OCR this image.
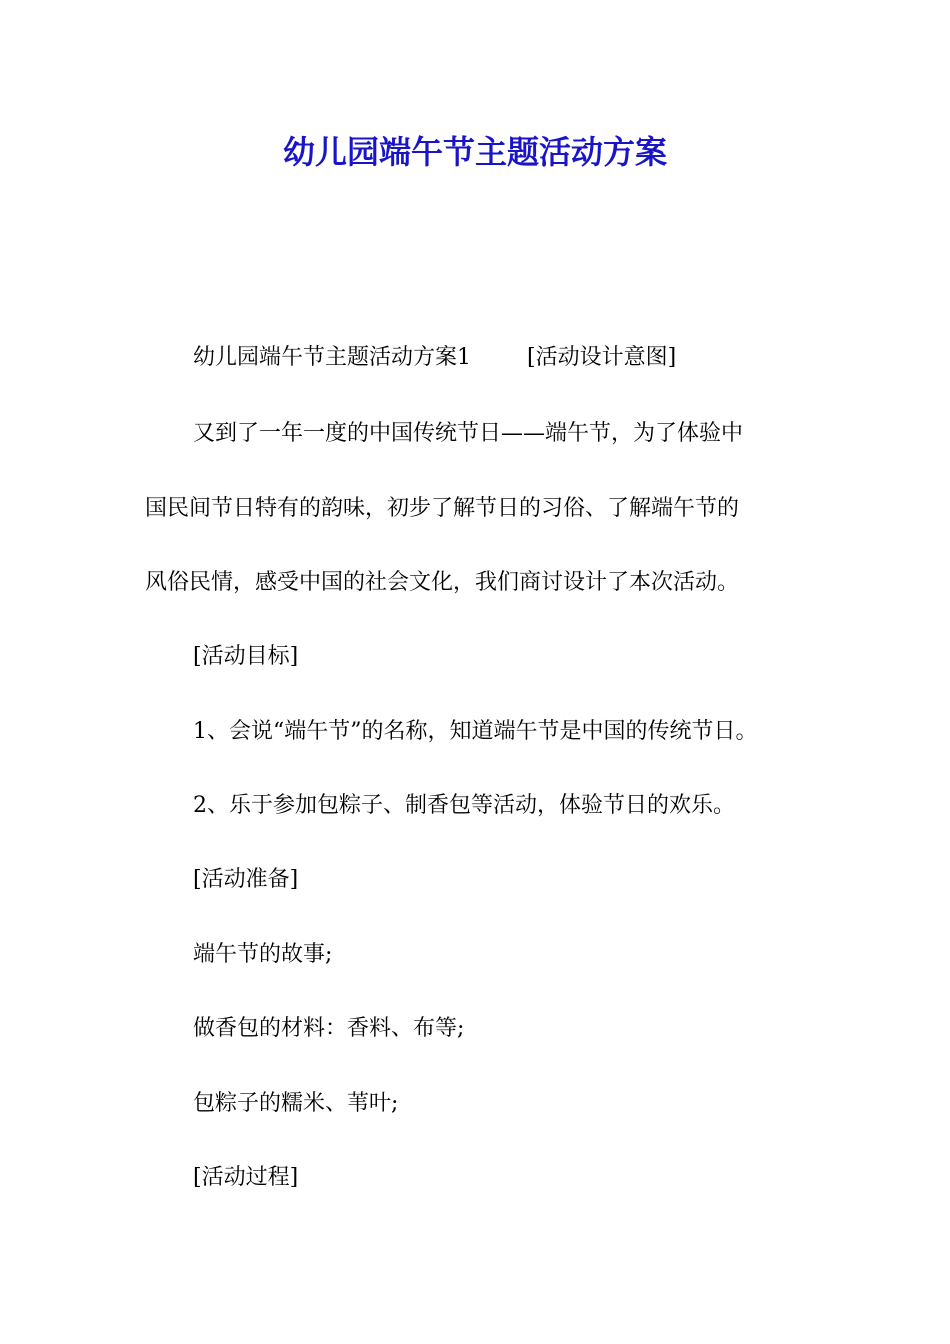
幼儿园端午节主题活动方案

幼儿园端午节主题活动方案1	[活动设计意图]

又到了一年一度的中国传统节日——端午节，为了体验中

国民间节日特有的韵味，初步了解节日的习俗、了解端午节的

风俗民情，感受中国的社会文化，我们商讨设计了本次活动。

[活动目标]

1、会说“端午节”的名称，知道端午节是中国的传统节日。

2、乐于参加包粽子、制香包等活动，体验节日的欢乐。

[活动准备]

端午节的故事;

做香包的材料：香料、布等;

包粽子的糯米、苇叶;

[活动过程]
